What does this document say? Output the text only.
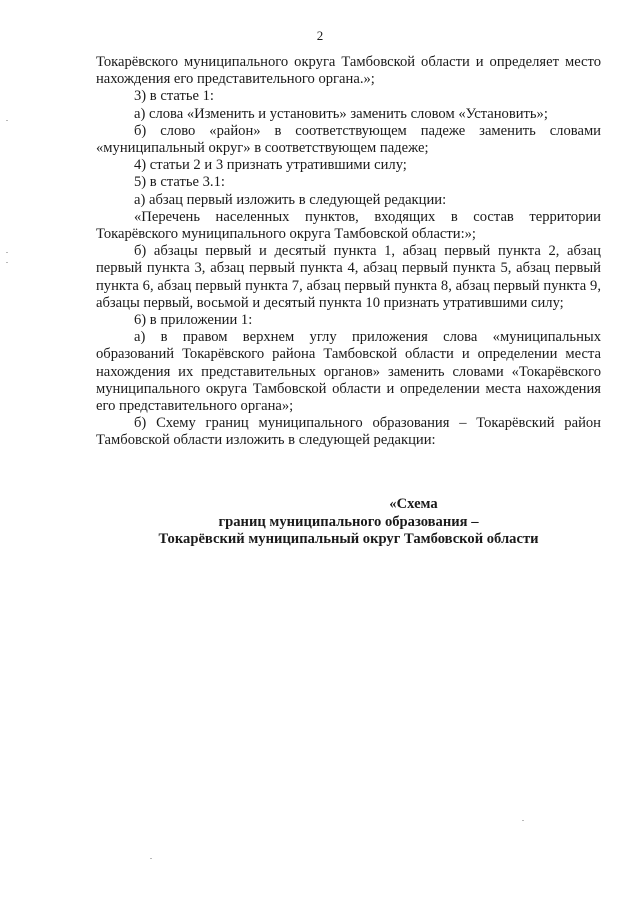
2

Токарёвского муниципального округа Тамбовской области и определяет место нахождения его представительного органа.»;

3) в статье 1:

а) слова «Изменить и установить» заменить словом «Установить»;

б) слово «район» в соответствующем падеже заменить словами «муниципальный округ» в соответствующем падеже;

4) статьи 2 и 3 признать утратившими силу;

5) в статье 3.1:

а) абзац первый изложить в следующей редакции:

«Перечень населенных пунктов, входящих в состав территории Токарёвского муниципального округа Тамбовской области:»;

б) абзацы первый и десятый пункта 1, абзац первый пункта 2, абзац первый пункта 3, абзац первый пункта 4, абзац первый пункта 5, абзац первый пункта 6, абзац первый пункта 7, абзац первый пункта 8, абзац первый пункта 9, абзацы первый, восьмой и десятый пункта 10 признать утратившими силу;

6) в приложении 1:

а) в правом верхнем углу приложения слова «муниципальных образований Токарёвского района Тамбовской области и определении места нахождения их представительных органов» заменить словами «Токарёвского муниципального округа Тамбовской области и определении места нахождения его представительного органа»;

б) Схему границ муниципального образования – Токарёвский район Тамбовской области изложить в следующей редакции:

«Схема
границ муниципального образования –
Токарёвский муниципальный округ Тамбовской области
